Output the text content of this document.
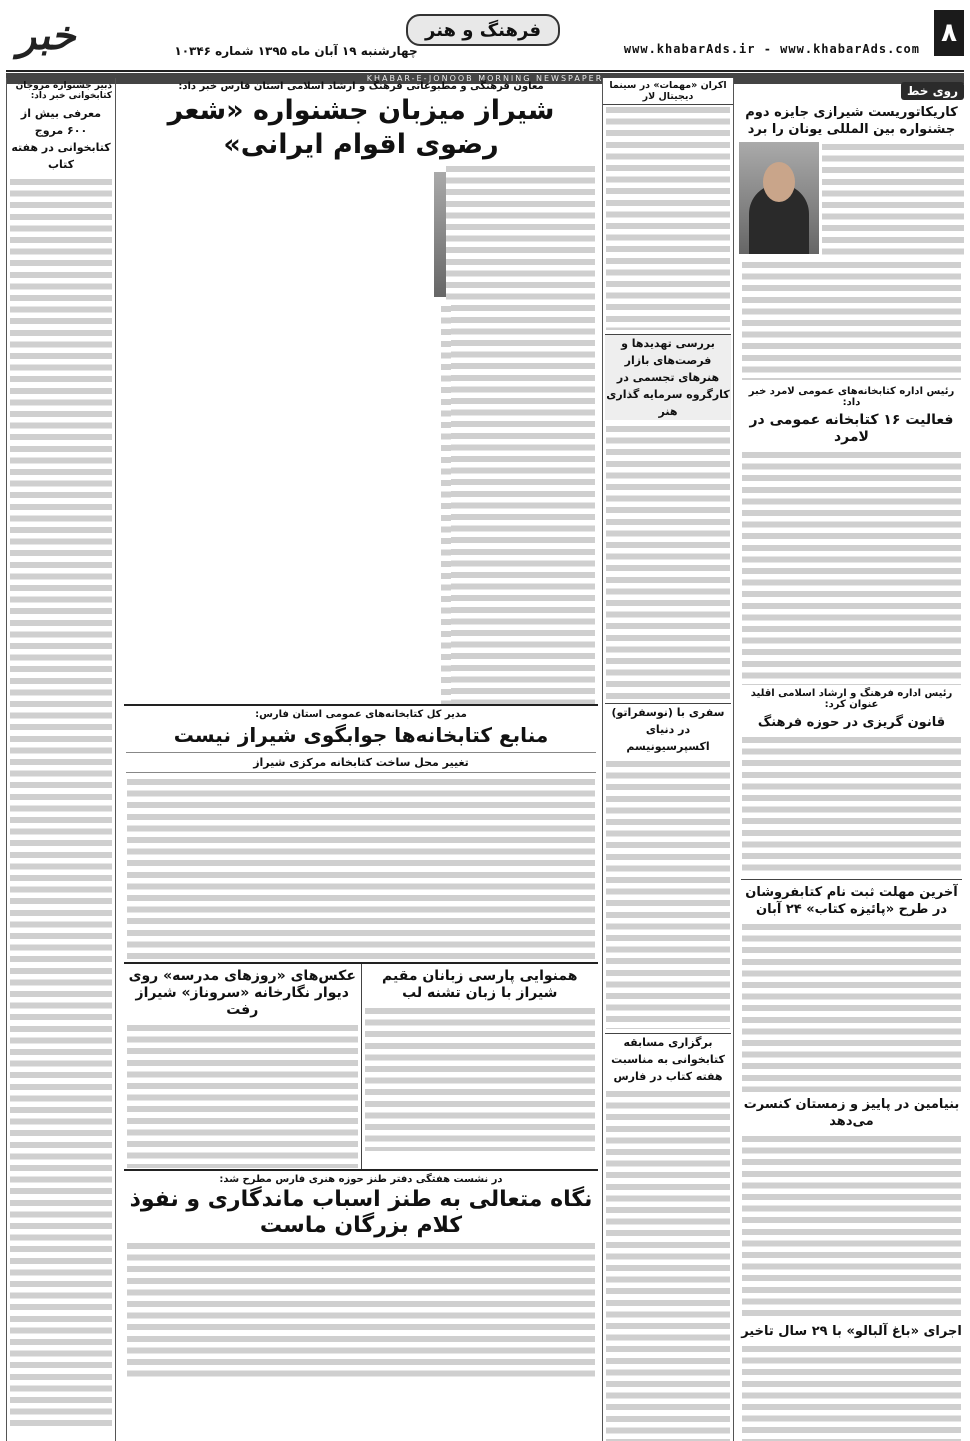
۸
www.khabarAds.ir - www.khabarAds.com
فرهنگ و هنر
چهارشنبه ۱۹ آبان ماه ۱۳۹۵ شماره ۱۰۳۴۶
خبر
KHABAR-E-JONOOB MORNING NEWSPAPER
روی خط
کاریکاتوریست شیرازی جایزه دوم جشنواره بین المللی یونان را برد
رئیس اداره کتابخانه‌های عمومی لامرد خبر داد:
فعالیت ۱۶ کتابخانه عمومی در لامرد
رئیس اداره فرهنگ و ارشاد اسلامی اقلید عنوان کرد:
قانون گریزی در حوزه فرهنگ
آخرین مهلت ثبت نام کتابفروشان در طرح «پائیزه کتاب» ۲۴ آبان
بنیامین در پاییز و زمستان کنسرت می‌دهد
اجرای «باغ آلبالو» با ۲۹ سال تاخیر
اکران «مهمات» در سینما دیجیتال لار
بررسی تهدیدها و فرصت‌های بازار هنرهای تجسمی در کارگروه سرمایه گذاری هنر
سفری با (نوسفراتو) در دنیای اکسپرسیونیسم
برگزاری مسابقه کتابخوانی به مناسبت هفته کتاب در فارس
معاون فرهنگی و مطبوعاتی فرهنگ و ارشاد اسلامی استان فارس خبر داد:
شیراز میزبان جشنواره «شعر رضوی اقوام ایرانی»
مدیر کل کتابخانه‌های عمومی استان فارس:
منابع کتابخانه‌ها جوابگوی شیراز نیست
تغییر محل ساخت کتابخانه مرکزی شیراز
همنوایی پارسی زبانان مقیم شیراز با زبان تشنه لب
عکس‌های «روزهای مدرسه» روی دیوار نگارخانه «سروناز» شیراز رفت
در نشست هفتگی دفتر طنز حوزه هنری فارس مطرح شد:
نگاه متعالی به طنز اسباب ماندگاری و نفوذ کلام بزرگان ماست
دبیر جشنواره مروجان کتابخوانی خبر داد:
معرفی بیش از ۶۰۰ مروج کتابخوانی در هفته کتاب
